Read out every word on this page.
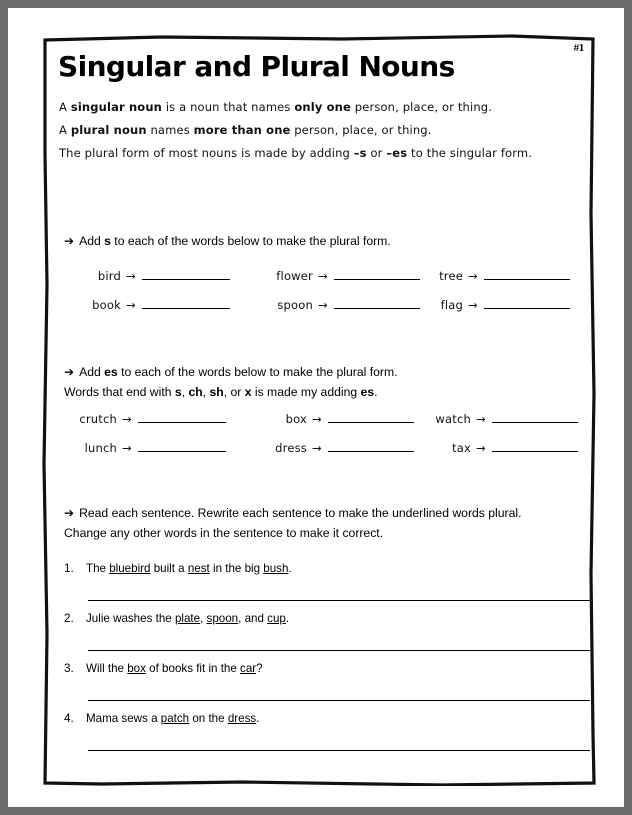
#1
Singular and Plural Nouns
A singular noun is a noun that names only one person, place, or thing.
A plural noun names more than one person, place, or thing.
The plural form of most nouns is made by adding –s or –es to the singular form.
➔ Add s to each of the words below to make the plural form.
bird →	flower →	tree →
book →	spoon →	flag →
➔ Add es to each of the words below to make the plural form.
Words that end with s, ch, sh, or x is made my adding es.
crutch →	box →	watch →
lunch →	dress →	tax →
➔ Read each sentence. Rewrite each sentence to make the underlined words plural.
Change any other words in the sentence to make it correct.
1. The bluebird built a nest in the big bush.
2. Julie washes the plate, spoon, and cup.
3. Will the box of books fit in the car?
4. Mama sews a patch on the dress.
